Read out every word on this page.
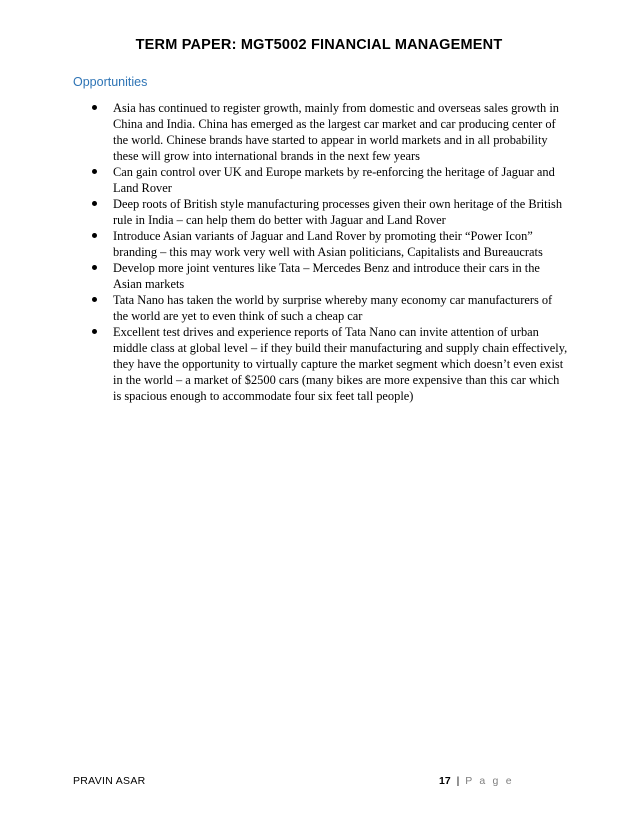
TERM PAPER: MGT5002 FINANCIAL MANAGEMENT
Opportunities
Asia has continued to register growth, mainly from domestic and overseas sales growth in China and India. China has emerged as the largest car market and car producing center of the world. Chinese brands have started to appear in world markets and in all probability these will grow into international brands in the next few years
Can gain control over UK and Europe markets by re-enforcing the heritage of Jaguar and Land Rover
Deep roots of British style manufacturing processes given their own heritage of the British rule in India – can help them do better with Jaguar and Land Rover
Introduce Asian variants of Jaguar and Land Rover by promoting their “Power Icon” branding – this may work very well with Asian politicians, Capitalists and Bureaucrats
Develop more joint ventures like Tata – Mercedes Benz and introduce their cars in the Asian markets
Tata Nano has taken the world by surprise whereby many economy car manufacturers of the world are yet to even think of such a cheap car
Excellent test drives and experience reports of Tata Nano can invite attention of urban middle class at global level – if they build their manufacturing and supply chain effectively, they have the opportunity to virtually capture the market segment which doesn’t even exist in the world – a market of $2500 cars (many bikes are more expensive than this car which is spacious enough to accommodate four six feet tall people)
PRAVIN ASAR	17 | P a g e
